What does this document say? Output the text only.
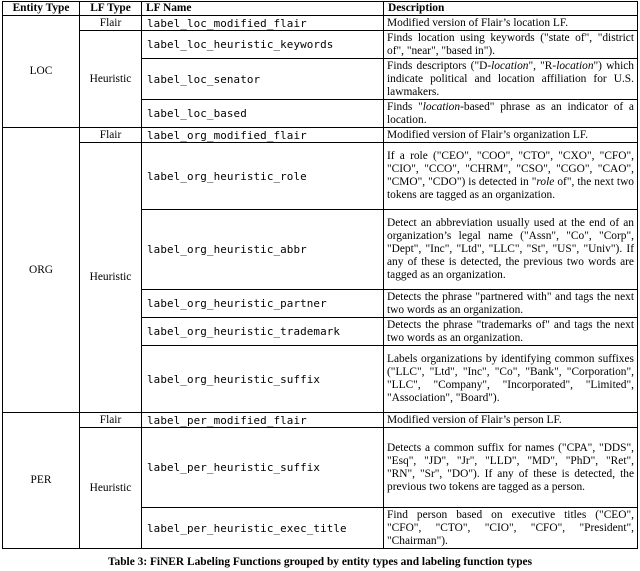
Entity Type	LF Type	LF Name	Description
LOC	Flair	label_loc_modified_flair	Modified version of Flair’s location LF.
	Heuristic	label_loc_heuristic_keywords	Finds location using keywords ("state of", "district of", "near", "based in").
		label_loc_senator	Finds descriptors ("D-location", "R-location") which indicate political and location affiliation for U.S. lawmakers.
		label_loc_based	Finds "location-based" phrase as an indicator of a location.
ORG	Flair	label_org_modified_flair	Modified version of Flair’s organization LF.
	Heuristic	label_org_heuristic_role	If a role ("CEO", "COO", "CTO", "CXO", "CFO", "CIO", "CCO", "CHRM", "CSO", "CGO", "CAO", "CMO", "CDO") is detected in "role of", the next two tokens are tagged as an organization.
		label_org_heuristic_abbr	Detect an abbreviation usually used at the end of an organization’s legal name ("Assn", "Co", "Corp", "Dept", "Inc", "Ltd", "LLC", "St", "US", "Univ"). If any of these is detected, the previous two words are tagged as an organization.
		label_org_heuristic_partner	Detects the phrase "partnered with" and tags the next two words as an organization.
		label_org_heuristic_trademark	Detects the phrase "trademarks of" and tags the next two words as an organization.
		label_org_heuristic_suffix	Labels organizations by identifying common suffixes ("LLC", "Ltd", "Inc", "Co", "Bank", "Corporation", "LLC", "Company", "Incorporated", "Limited", "Association", "Board").
PER	Flair	label_per_modified_flair	Modified version of Flair’s person LF.
	Heuristic	label_per_heuristic_suffix	Detects a common suffix for names ("CPA", "DDS", "Esq", "JD", "Jr", "LLD", "MD", "PhD", "Ret", "RN", "Sr", "DO"). If any of these is detected, the previous two tokens are tagged as a person.
		label_per_heuristic_exec_title	Find person based on executive titles ("CEO", "CFO", "CTO", "CIO", "CFO", "President", "Chairman").
Table 3: FiNER Labeling Functions grouped by entity types and labeling function types
